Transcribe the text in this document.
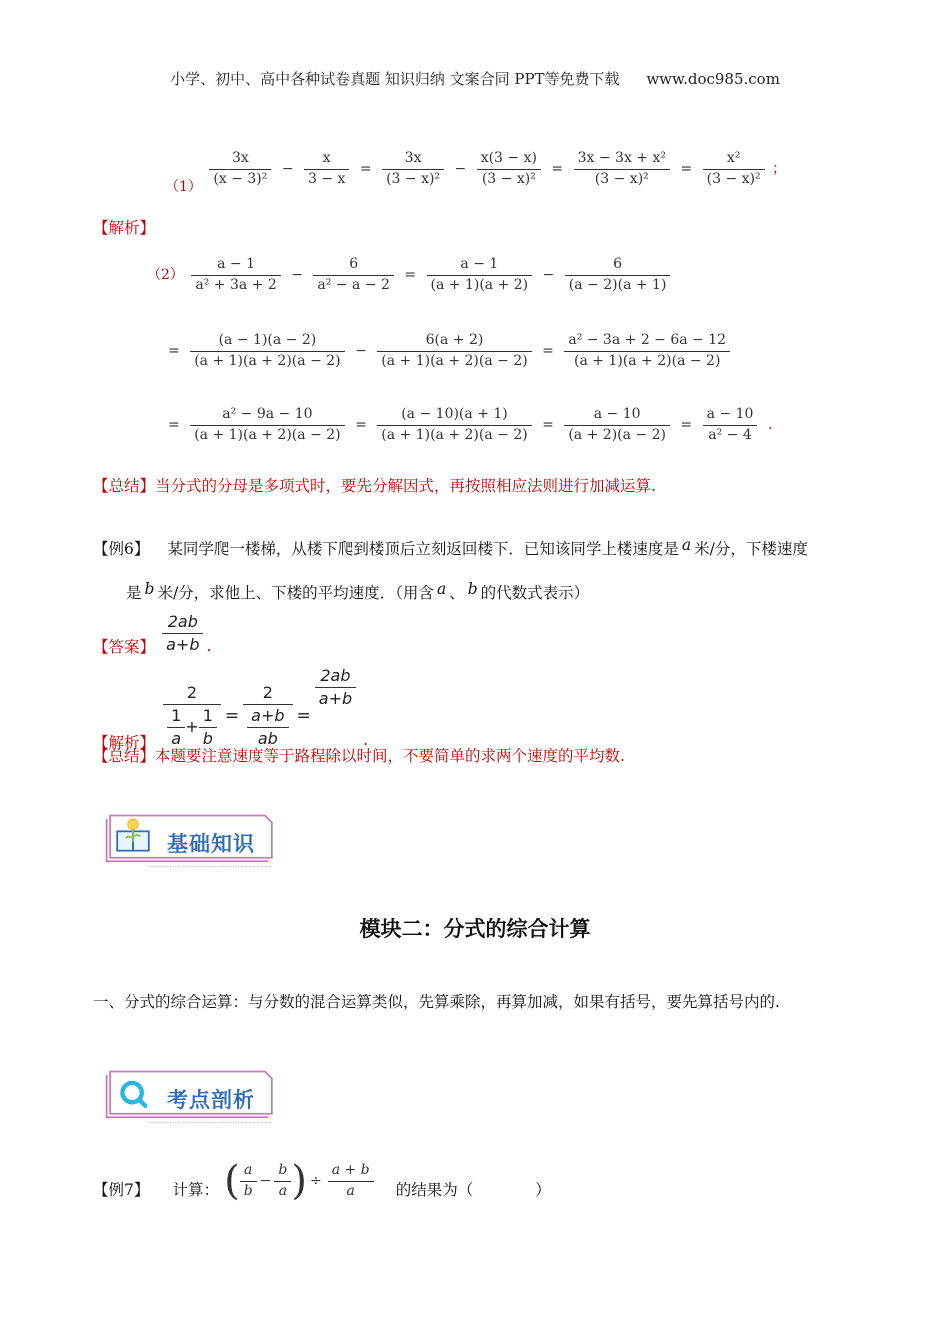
小学、初中、高中各种试卷真题 知识归纳 文案合同 PPT等免费下载 www.doc985.com
$(1) \frac{3x}{\text{(x − 3)²}} - \frac{x}{3 - x} = \frac{3x}{\text{(3 − x)²}} - \frac{x(3 - x)}{\text{(3 − x)²}} = \frac{\text{3x − 3x + x²}}{\text{(3 − x)²}} = \frac{\text{x²}}{\text{(3 − x)²}}$ ；
【解析】
$(2) \frac{a - 1}{\text{a² + 3a + 2}} - \frac{6}{\text{a² − a − 2}} = \frac{a - 1}{(a + 1)(a + 2)} - \frac{6}{(a - 2)(a + 1)}$
= $\frac{(a - 1)(a - 2)}{(a + 1)(a + 2)(a - 2)} - \frac{6(a + 2)}{(a + 1)(a + 2)(a - 2)} = \frac{\text{a² − 3a + 2 − 6a − 12}}{(a + 1)(a + 2)(a - 2)}$
= $\frac{\text{a² − 9a − 10}}{(a + 1)(a + 2)(a - 2)} = \frac{(a - 10)(a + 1)}{(a + 1)(a + 2)(a - 2)} = \frac{a - 10}{(a + 2)(a - 2)} = \frac{a - 10}{\text{a² − 4}}$ .
【总结】当分式的分母是多项式时，要先分解因式，再按照相应法则进行加减运算.
【例6】 某同学爬一楼梯，从楼下爬到楼顶后立刻返回楼下．已知该同学上楼速度是 a 米/分，下楼速度
是 b 米/分，求他上、下楼的平均速度．（用含 a 、 b 的代数式表示）
【答案】 $\frac{2ab}{a+b}$ .
【解析】 $\frac{2}{\frac{1}{a} + \frac{1}{b}} = \frac{2}{\frac{a+b}{ab}}$ =
$\frac{2ab}{a+b}$
.
【总结】本题要注意速度等于路程除以时间，不要简单的求两个速度的平均数.
基础知识
模块二：分式的综合计算
一、分式的综合运算：与分数的混合运算类似，先算乘除，再算加减，如果有括号，要先算括号内的.
考点剖析
【例7】 计算： ( $\frac{a}{b} - \frac{b}{a}$ ) ÷ $\frac{a + b}{a}$ 的结果为（　　　　）
